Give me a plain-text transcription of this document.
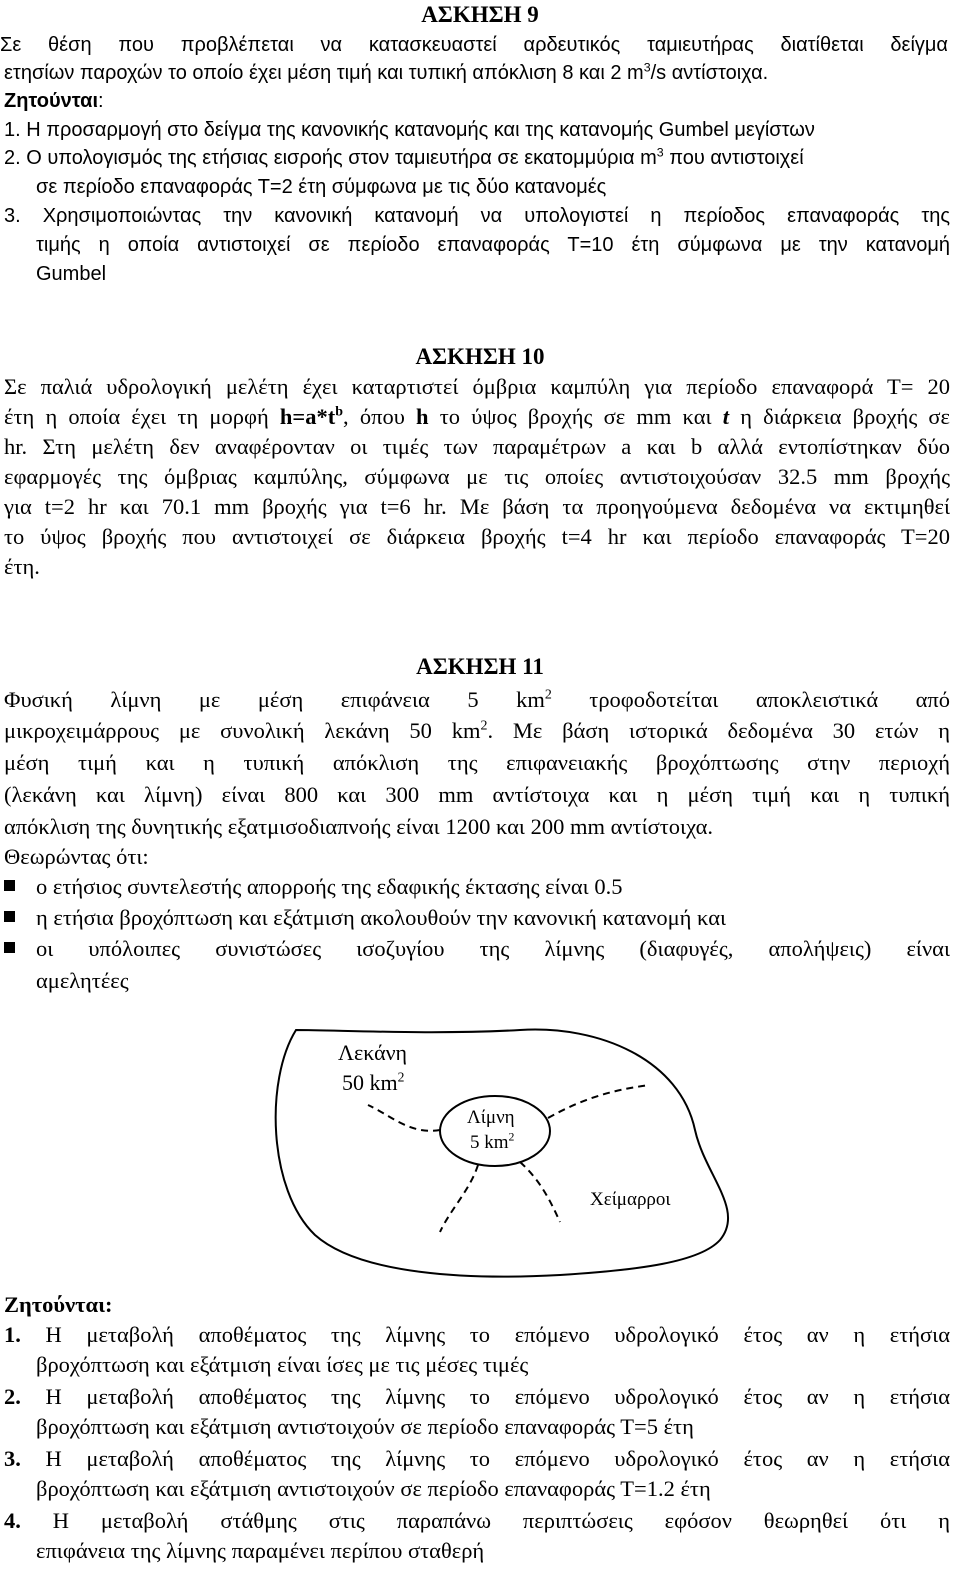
ΑΣΚΗΣΗ 9
Σε θέση που προβλέπεται να κατασκευαστεί αρδευτικός ταμιευτήρας διατίθεται δείγμα
ετησίων παροχών το οποίο έχει μέση τιμή και τυπική απόκλιση 8 και 2 $m^3/s$ αντίστοιχα.
Ζητούνται:
1. Η προσαρμογή στο δείγμα της κανονικής κατανομής και της κατανομής Gumbel μεγίστων
2. Ο υπολογισμός της ετήσιας εισροής στον ταμιευτήρα σε εκατομμύρια $m^3$ που αντιστοιχεί
σε περίοδο επαναφοράς Τ=2 έτη σύμφωνα με τις δύο κατανομές
3. Χρησιμοποιώντας την κανονική κατανομή να υπολογιστεί η περίοδος επαναφοράς της
τιμής η οποία αντιστοιχεί σε περίοδο επαναφοράς Τ=10 έτη σύμφωνα με την κατανομή
Gumbel
ΑΣΚΗΣΗ 10
Σε παλιά υδρολογική μελέτη έχει καταρτιστεί όμβρια καμπύλη για περίοδο επαναφορά Τ= 20
έτη η οποία έχει τη μορφή $h=a*t^b$, όπου h το ύψος βροχής σε mm και t η διάρκεια βροχής σε
hr. Στη μελέτη δεν αναφέρονταν οι τιμές των παραμέτρων a και b αλλά εντοπίστηκαν δύο
εφαρμογές της όμβριας καμπύλης, σύμφωνα με τις οποίες αντιστοιχούσαν 32.5 mm βροχής
για t=2 hr και 70.1 mm βροχής για t=6 hr. Με βάση τα προηγούμενα δεδομένα να εκτιμηθεί
το ύψος βροχής που αντιστοιχεί σε διάρκεια βροχής t=4 hr και περίοδο επαναφοράς Τ=20
έτη.
ΑΣΚΗΣΗ 11
Φυσική λίμνη με μέση επιφάνεια 5 $km^2$ τροφοδοτείται αποκλειστικά από
μικροχειμάρρους με συνολική λεκάνη 50 $km^2$. Με βάση ιστορικά δεδομένα 30 ετών η
μέση τιμή και η τυπική απόκλιση της επιφανειακής βροχόπτωσης στην περιοχή
(λεκάνη και λίμνη) είναι 800 και 300 mm αντίστοιχα και η μέση τιμή και η τυπική
απόκλιση της δυνητικής εξατμισοδιαπνοής είναι 1200 και 200 mm αντίστοιχα.
Θεωρώντας ότι:
ο ετήσιος συντελεστής απορροής της εδαφικής έκτασης είναι 0.5
η ετήσια βροχόπτωση και εξάτμιση ακολουθούν την κανονική κατανομή και
οι υπόλοιπες συνιστώσες ισοζυγίου της λίμνης (διαφυγές, απολήψεις) είναι
αμελητέες
Λεκάνη
50 $km^2$
Λίμνη
5 $km^2$
Χείμαρροι
Ζητούνται:
1. Η μεταβολή αποθέματος της λίμνης το επόμενο υδρολογικό έτος αν η ετήσια
βροχόπτωση και εξάτμιση είναι ίσες με τις μέσες τιμές
2. Η μεταβολή αποθέματος της λίμνης το επόμενο υδρολογικό έτος αν η ετήσια
βροχόπτωση και εξάτμιση αντιστοιχούν σε περίοδο επαναφοράς Τ=5 έτη
3. Η μεταβολή αποθέματος της λίμνης το επόμενο υδρολογικό έτος αν η ετήσια
βροχόπτωση και εξάτμιση αντιστοιχούν σε περίοδο επαναφοράς Τ=1.2 έτη
4. Η μεταβολή στάθμης στις παραπάνω περιπτώσεις εφόσον θεωρηθεί ότι η
επιφάνεια της λίμνης παραμένει περίπου σταθερή
